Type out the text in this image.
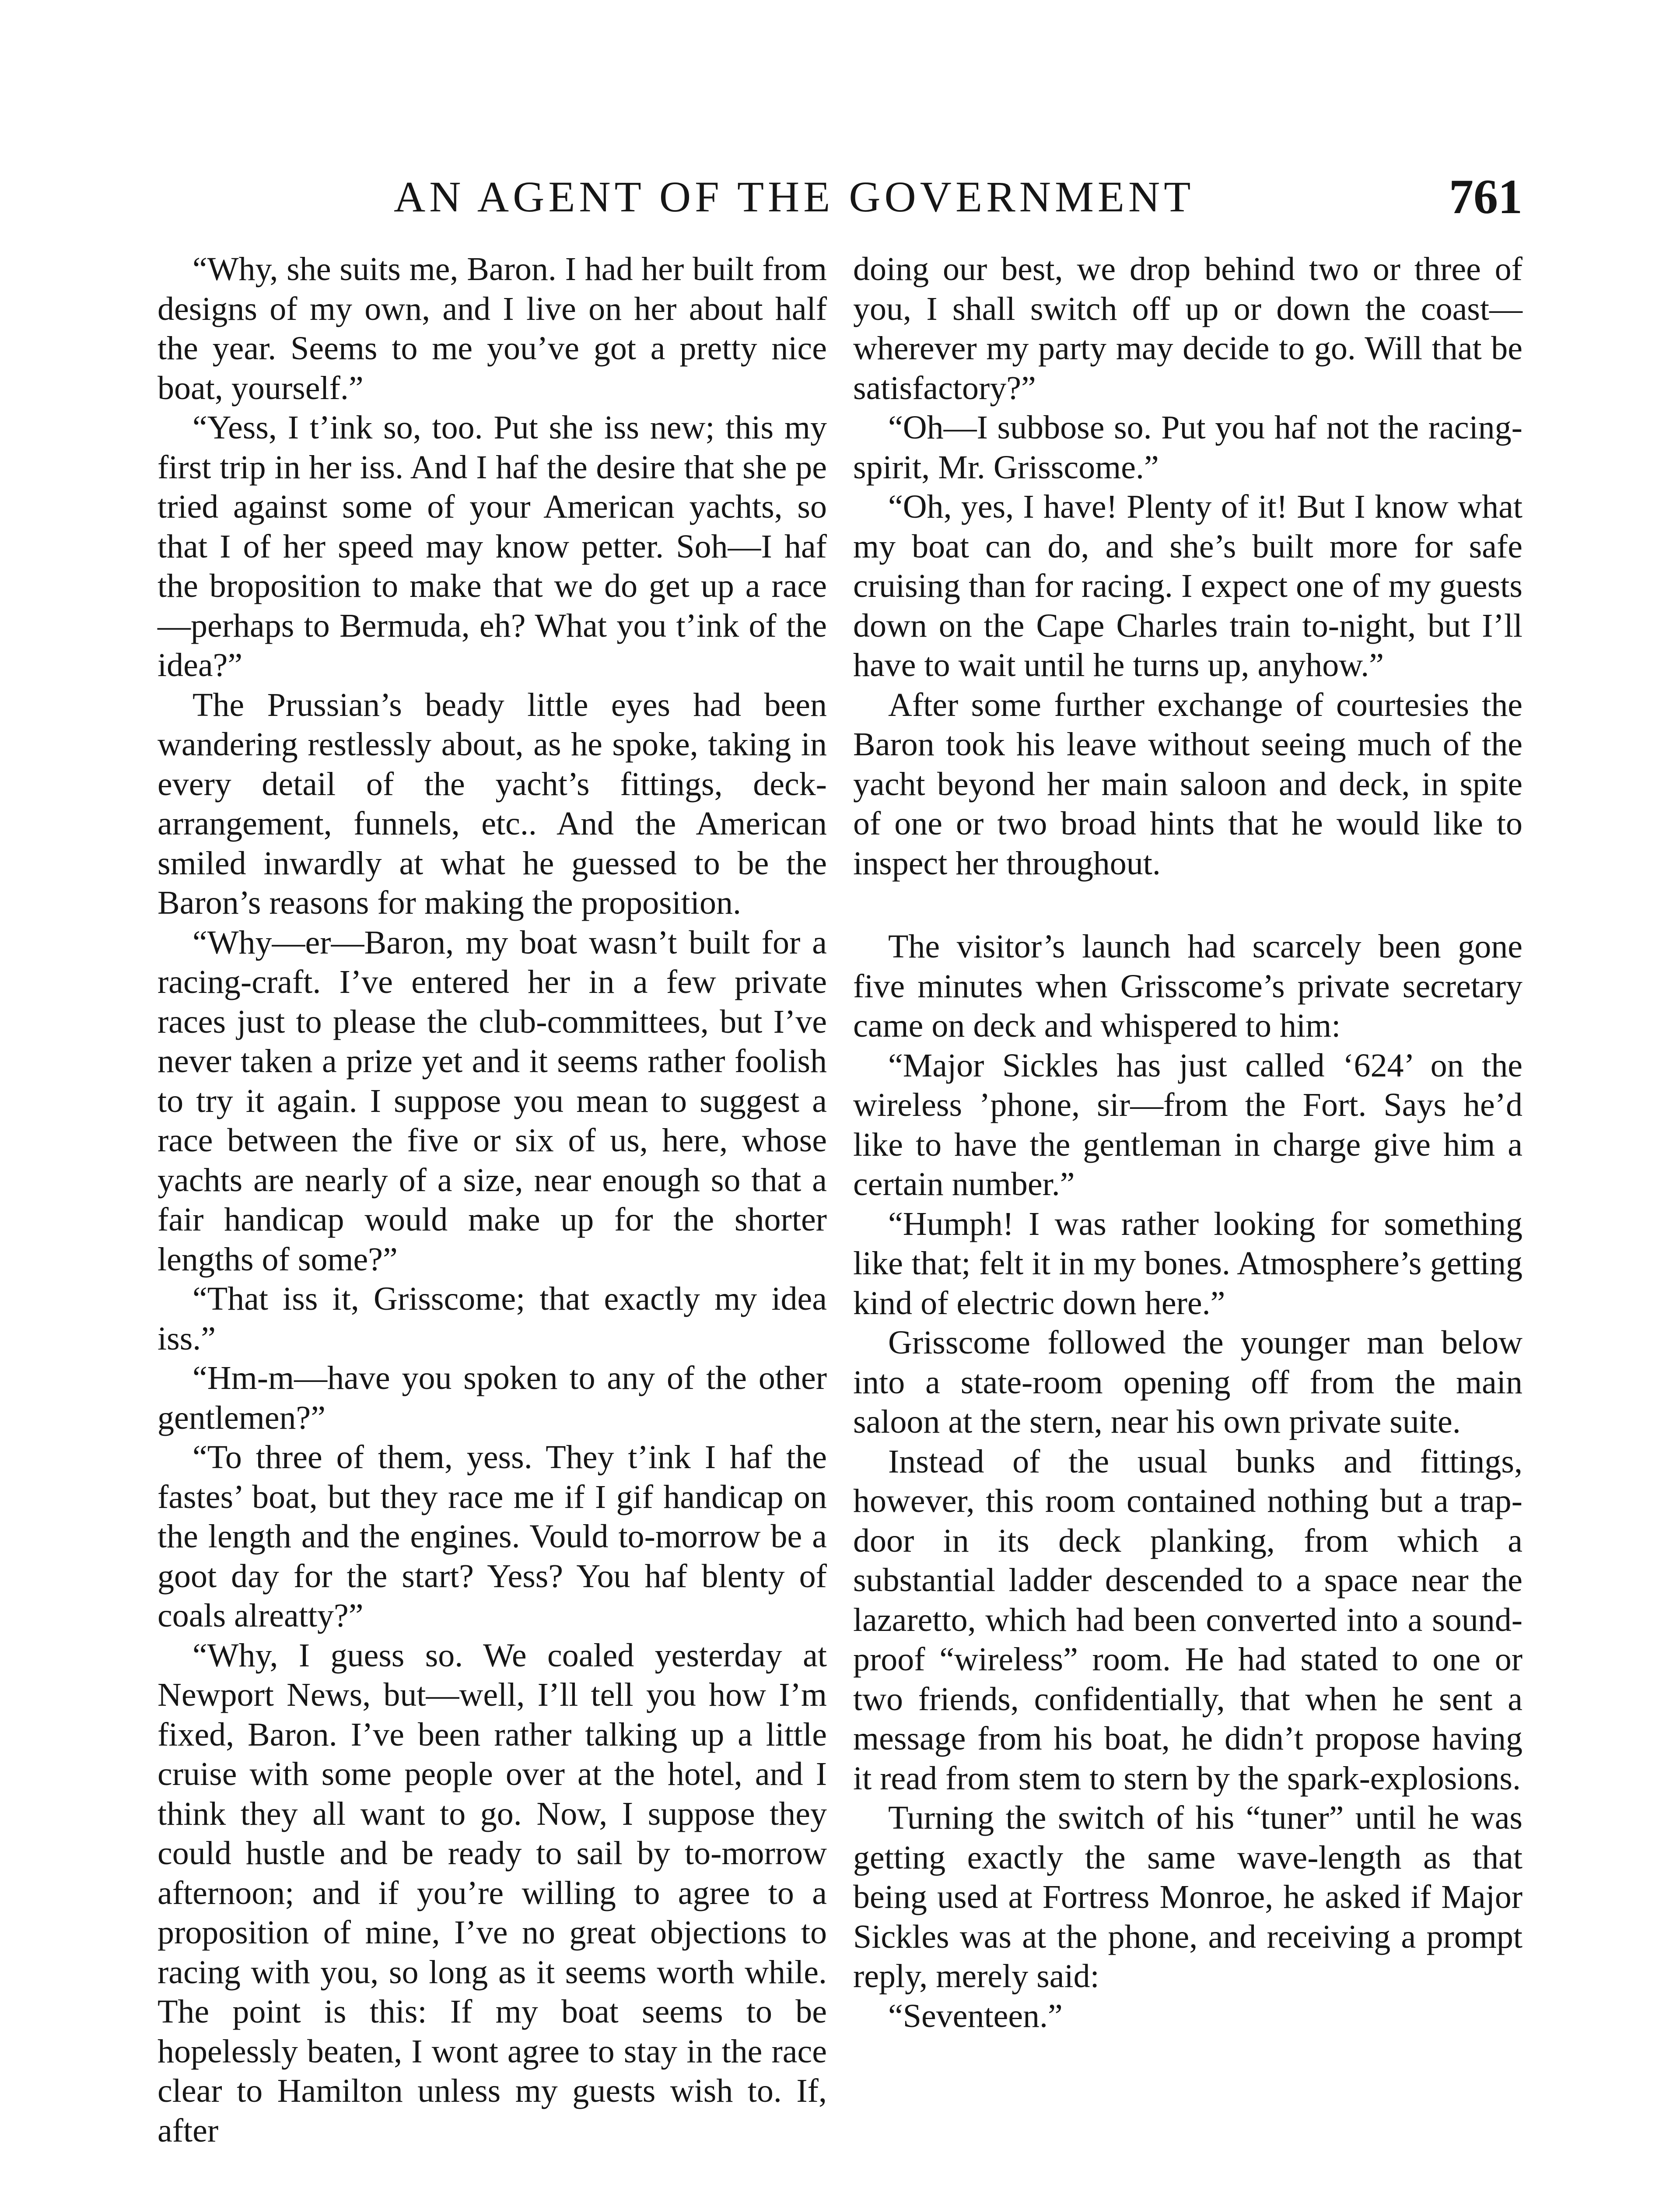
AN AGENT OF THE GOVERNMENT	761

“Why, she suits me, Baron. I had her built from designs of my own, and I live on her about half the year. Seems to me you’ve got a pretty nice boat, yourself.”

“Yess, I t’ink so, too. Put she iss new; this my first trip in her iss. And I haf the desire that she pe tried against some of your American yachts, so that I of her speed may know petter. Soh—I haf the broposition to make that we do get up a race—perhaps to Bermuda, eh? What you t’ink of the idea?”

The Prussian’s beady little eyes had been wandering restlessly about, as he spoke, taking in every detail of the yacht’s fittings, deck-arrangement, funnels, etc.. And the American smiled inwardly at what he guessed to be the Baron’s reasons for making the proposition.

“Why—er—Baron, my boat wasn’t built for a racing-craft. I’ve entered her in a few private races just to please the club-committees, but I’ve never taken a prize yet and it seems rather foolish to try it again. I suppose you mean to suggest a race between the five or six of us, here, whose yachts are nearly of a size, near enough so that a fair handicap would make up for the shorter lengths of some?”

“That iss it, Grisscome; that exactly my idea iss.”

“Hm-m—have you spoken to any of the other gentlemen?”

“To three of them, yess. They t’ink I haf the fastes’ boat, but they race me if I gif handicap on the length and the engines. Vould to-morrow be a goot day for the start? Yess? You haf blenty of coals alreatty?”

“Why, I guess so. We coaled yesterday at Newport News, but—well, I’ll tell you how I’m fixed, Baron. I’ve been rather talking up a little cruise with some people over at the hotel, and I think they all want to go. Now, I suppose they could hustle and be ready to sail by to-morrow afternoon; and if you’re willing to agree to a proposition of mine, I’ve no great objections to racing with you, so long as it seems worth while. The point is this: If my boat seems to be hopelessly beaten, I wont agree to stay in the race clear to Hamilton unless my guests wish to. If, after

doing our best, we drop behind two or three of you, I shall switch off up or down the coast—wherever my party may decide to go. Will that be satisfactory?”

“Oh—I subbose so. Put you haf not the racing-spirit, Mr. Grisscome.”

“Oh, yes, I have! Plenty of it! But I know what my boat can do, and she’s built more for safe cruising than for racing. I expect one of my guests down on the Cape Charles train to-night, but I’ll have to wait until he turns up, anyhow.”

After some further exchange of courtesies the Baron took his leave without seeing much of the yacht beyond her main saloon and deck, in spite of one or two broad hints that he would like to inspect her throughout.

The visitor’s launch had scarcely been gone five minutes when Grisscome’s private secretary came on deck and whispered to him:

“Major Sickles has just called ‘624’ on the wireless ’phone, sir—from the Fort. Says he’d like to have the gentleman in charge give him a certain number.”

“Humph! I was rather looking for something like that; felt it in my bones. Atmosphere’s getting kind of electric down here.”

Grisscome followed the younger man below into a state-room opening off from the main saloon at the stern, near his own private suite.

Instead of the usual bunks and fittings, however, this room contained nothing but a trap-door in its deck planking, from which a substantial ladder descended to a space near the lazaretto, which had been converted into a sound-proof “wireless” room. He had stated to one or two friends, confidentially, that when he sent a message from his boat, he didn’t propose having it read from stem to stern by the spark-explosions.

Turning the switch of his “tuner” until he was getting exactly the same wave-length as that being used at Fortress Monroe, he asked if Major Sickles was at the phone, and receiving a prompt reply, merely said:

“Seventeen.”
